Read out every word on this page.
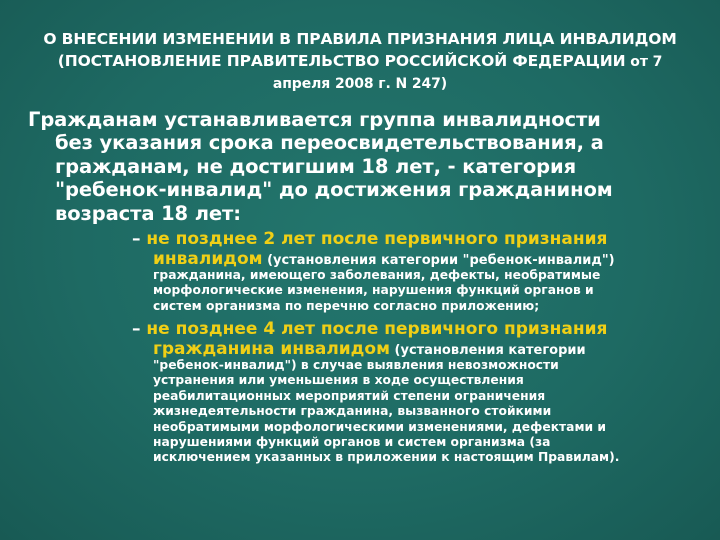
О ВНЕСЕНИИ ИЗМЕНЕНИИ В ПРАВИЛА ПРИЗНАНИЯ ЛИЦА ИНВАЛИДОМ
(ПОСТАНОВЛЕНИЕ ПРАВИТЕЛЬСТВО РОССИЙСКОЙ ФЕДЕРАЦИИ от 7
апреля 2008 г. N 247)
Гражданам устанавливается группа инвалидности
без указания срока переосвидетельствования, а
гражданам, не достигшим 18 лет, - категория
"ребенок-инвалид" до достижения гражданином
возраста 18 лет:
– не позднее 2 лет после первичного признания
инвалидом (установления категории "ребенок-инвалид")
гражданина, имеющего заболевания, дефекты, необратимые
морфологические изменения, нарушения функций органов и
систем организма по перечню согласно приложению;
– не позднее 4 лет после первичного признания
гражданина инвалидом (установления категории
"ребенок-инвалид") в случае выявления невозможности
устранения или уменьшения в ходе осуществления
реабилитационных мероприятий степени ограничения
жизнедеятельности гражданина, вызванного стойкими
необратимыми морфологическими изменениями, дефектами и
нарушениями функций органов и систем организма (за
исключением указанных в приложении к настоящим Правилам).
